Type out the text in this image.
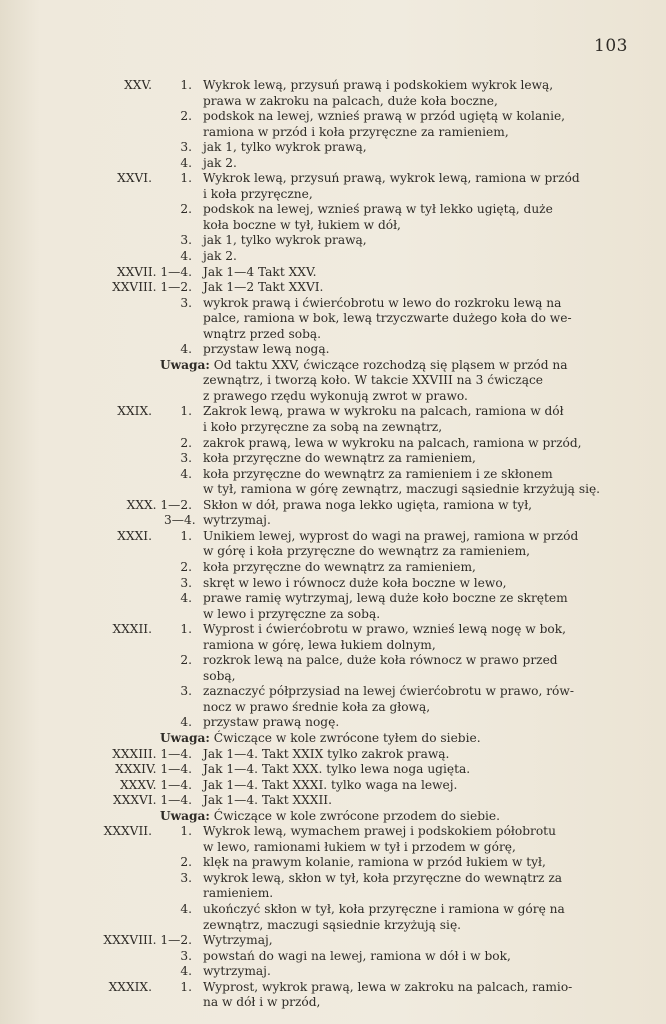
103
XXV.	1. Wykrok lewą, przysuń prawą i podskokiem wykrok lewą,
prawa w zakroku na palcach, duże koła boczne,
2. podskok na lewej, wznieś prawą w przód ugiętą w kolanie,
ramiona w przód i koła przyręczne za ramieniem,
3. jak 1, tylko wykrok prawą,
4. jak 2.
XXVI.	1. Wykrok lewą, przysuń prawą, wykrok lewą, ramiona w przód
i koła przyręczne,
2. podskok na lewej, wznieś prawą w tył lekko ugiętą, duże
koła boczne w tył, łukiem w dół,
3. jak 1, tylko wykrok prawą,
4. jak 2.
XXVII. 1—4. Jak 1—4 Takt XXV.
XXVIII. 1—2. Jak 1—2 Takt XXVI.
3. wykrok prawą i ćwierćobrotu w lewo do rozkroku lewą na
palce, ramiona w bok, lewą trzyczwarte dużego koła do we-
wnątrz przed sobą.
4. przystaw lewą nogą.
Uwaga: Od taktu XXV, ćwiczące rozchodzą się pląsem w przód na
zewnątrz, i tworzą koło. W takcie XXVIII na 3 ćwiczące
z prawego rzędu wykonują zwrot w prawo.
XXIX.	1. Zakrok lewą, prawa w wykroku na palcach, ramiona w dół
i koło przyręczne za sobą na zewnątrz,
2. zakrok prawą, lewa w wykroku na palcach, ramiona w przód,
3. koła przyręczne do wewnątrz za ramieniem,
4. koła przyręczne do wewnątrz za ramieniem i ze skłonem
w tył, ramiona w górę zewnątrz, maczugi sąsiednie krzyżują się.
XXX. 1—2. Skłon w dół, prawa noga lekko ugięta, ramiona w tył,
3—4. wytrzymaj.
XXXI.	1. Unikiem lewej, wyprost do wagi na prawej, ramiona w przód
w górę i koła przyręczne do wewnątrz za ramieniem,
2. koła przyręczne do wewnątrz za ramieniem,
3. skręt w lewo i równocz duże koła boczne w lewo,
4. prawe ramię wytrzymaj, lewą duże koło boczne ze skrętem
w lewo i przyręczne za sobą.
XXXII.	1. Wyprost i ćwierćobrotu w prawo, wznieś lewą nogę w bok,
ramiona w górę, lewa łukiem dolnym,
2. rozkrok lewą na palce, duże koła równocz w prawo przed
sobą,
3. zaznaczyć półprzysiad na lewej ćwierćobrotu w prawo, rów-
nocz w prawo średnie koła za głową,
4. przystaw prawą nogę.
Uwaga: Ćwiczące w kole zwrócone tyłem do siebie.
XXXIII. 1—4. Jak 1—4. Takt XXIX tylko zakrok prawą.
XXXIV. 1—4. Jak 1—4. Takt XXX. tylko lewa noga ugięta.
XXXV. 1—4. Jak 1—4. Takt XXXI. tylko waga na lewej.
XXXVI. 1—4. Jak 1—4. Takt XXXII.
Uwaga: Ćwiczące w kole zwrócone przodem do siebie.
XXXVII.	1. Wykrok lewą, wymachem prawej i podskokiem półobrotu
w lewo, ramionami łukiem w tył i przodem w górę,
2. klęk na prawym kolanie, ramiona w przód łukiem w tył,
3. wykrok lewą, skłon w tył, koła przyręczne do wewnątrz za
ramieniem.
4. ukończyć skłon w tył, koła przyręczne i ramiona w górę na
zewnątrz, maczugi sąsiednie krzyżują się.
XXXVIII. 1—2. Wytrzymaj,
3. powstań do wagi na lewej, ramiona w dół i w bok,
4. wytrzymaj.
XXXIX.	1. Wyprost, wykrok prawą, lewa w zakroku na palcach, ramio-
na w dół i w przód,
